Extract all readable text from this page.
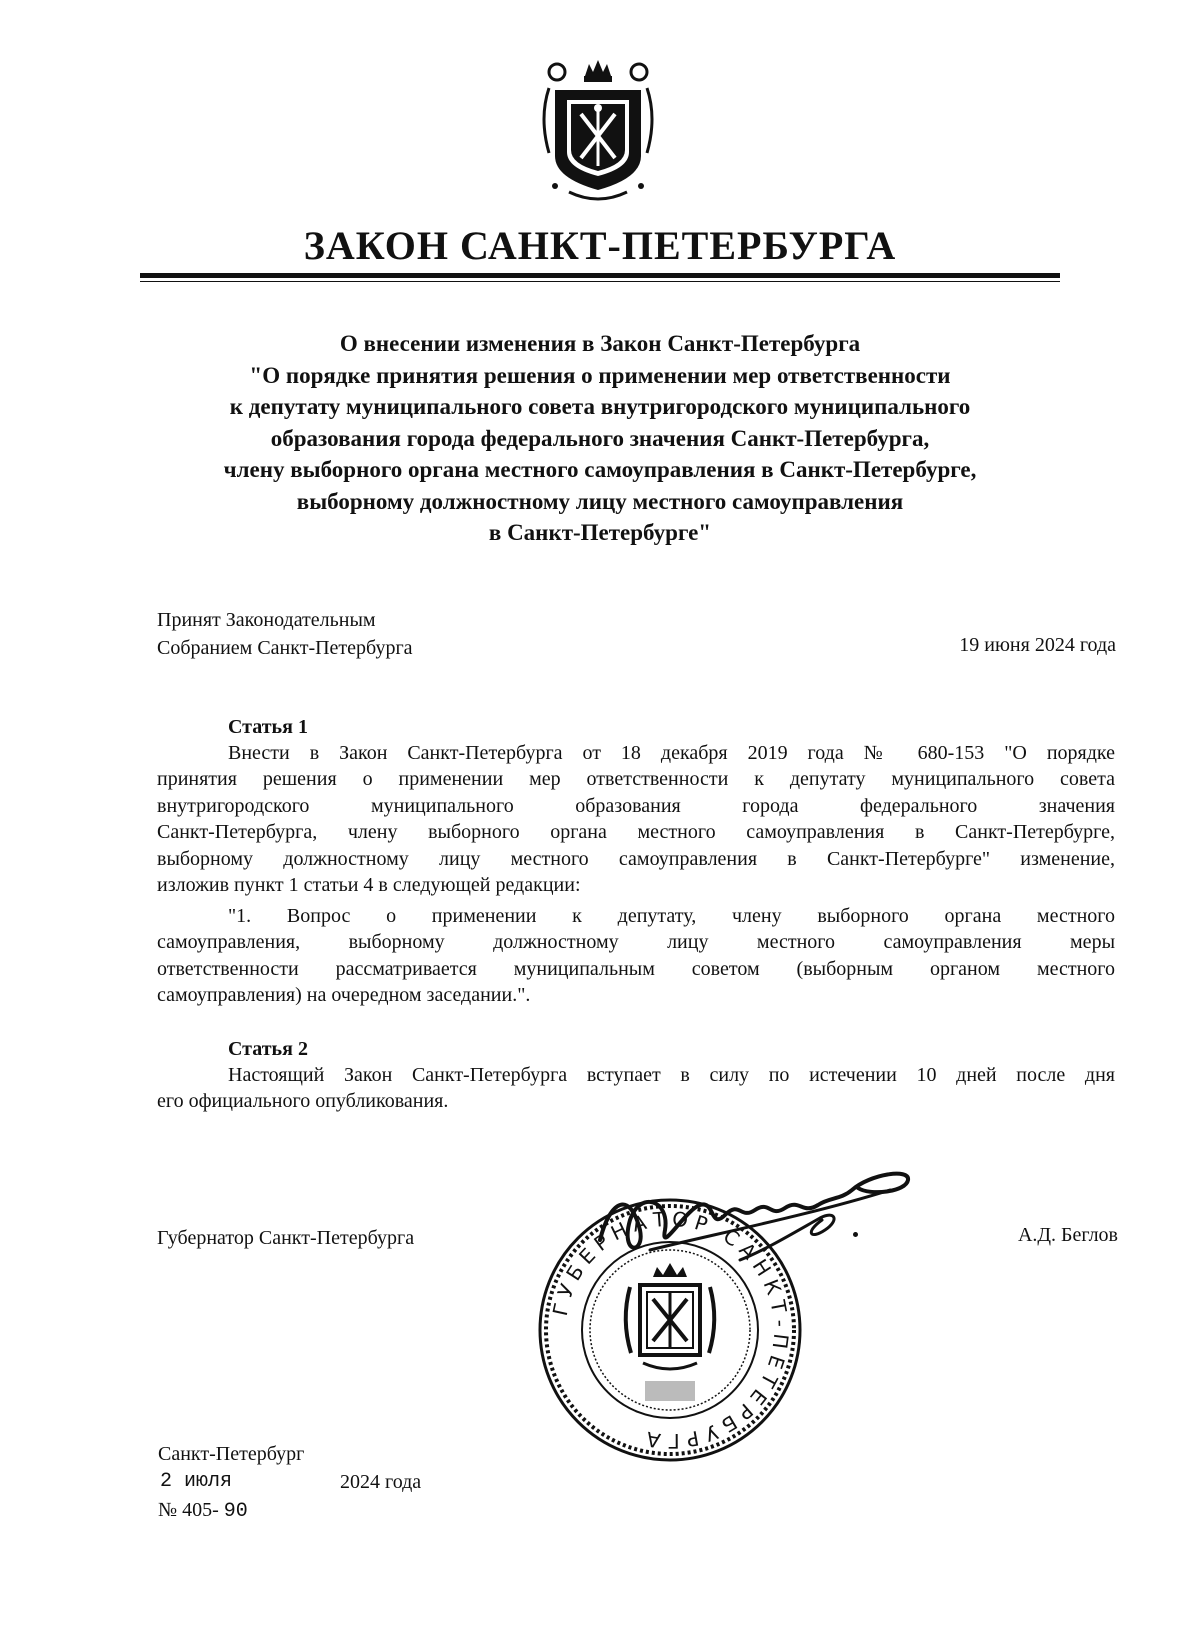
ЗАКОН САНКТ-ПЕТЕРБУРГА
О внесении изменения в Закон Санкт-Петербурга
"О порядке принятия решения о применении мер ответственности
к депутату муниципального совета внутригородского муниципального
образования города федерального значения Санкт-Петербурга,
члену выборного органа местного самоуправления в Санкт-Петербурге,
выборному должностному лицу местного самоуправления
в Санкт-Петербурге"
Принят Законодательным
Собранием Санкт-Петербурга	19 июня 2024 года
Статья 1
Внести в Закон Санкт-Петербурга от 18 декабря 2019 года № 680-153 "О порядке
принятия решения о применении мер ответственности к депутату муниципального совета
внутригородского муниципального образования города федерального значения
Санкт-Петербурга, члену выборного органа местного самоуправления в Санкт-Петербурге,
выборному должностному лицу местного самоуправления в Санкт-Петербурге" изменение,
изложив пункт 1 статьи 4 в следующей редакции:
"1. Вопрос о применении к депутату, члену выборного органа местного
самоуправления, выборному должностному лицу местного самоуправления меры
ответственности рассматривается муниципальным советом (выборным органом местного
самоуправления) на очередном заседании.".
Статья 2
Настоящий Закон Санкт-Петербурга вступает в силу по истечении 10 дней после дня
его официального опубликования.
Губернатор Санкт-Петербурга	А.Д. Беглов
ГУБЕРНАТОР САНКТ-ПЕТЕРБУРГА
Санкт-Петербург
2 июля	2024 года
№ 405- 90
